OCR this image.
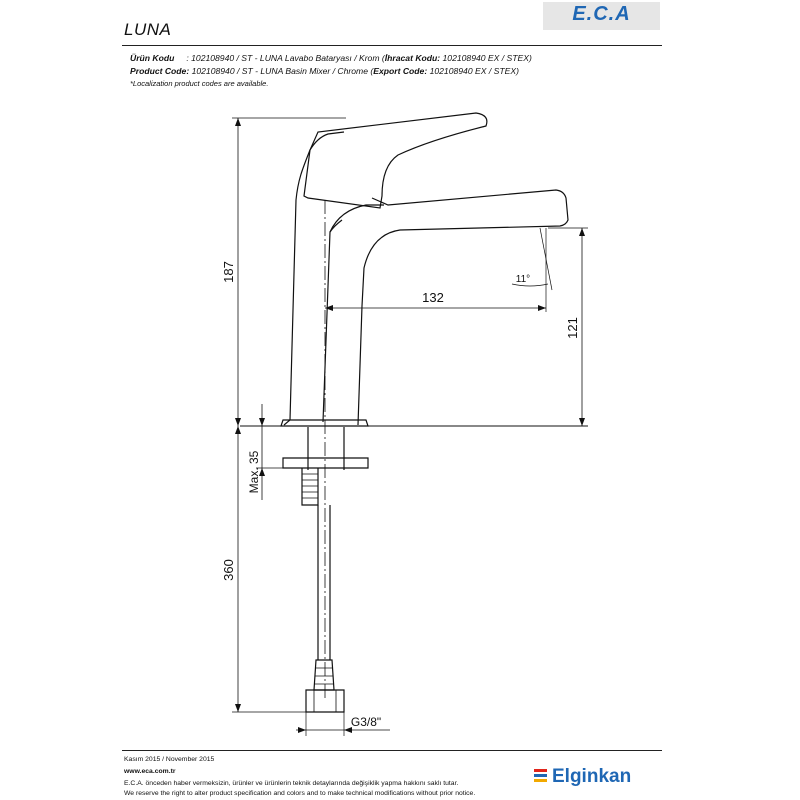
LUNA
E.C.A
Ürün Kodu : 102108940 / ST - LUNA Lavabo Bataryası / Krom (İhracat Kodu: 102108940 EX / STEX)
Product Code: 102108940 / ST - LUNA Basin Mixer / Chrome (Export Code: 102108940 EX / STEX)
*Localization product codes are available.
187
121
132
11°
Max. 35
360
G3/8"
Kasım 2015 / November 2015
www.eca.com.tr
E.C.A. önceden haber vermeksizin, ürünler ve ürünlerin teknik detaylarında değişiklik yapma hakkını saklı tutar.
We reserve the right to alter product specification and colors and to make technical modifications without prior notice.
Elginkan
